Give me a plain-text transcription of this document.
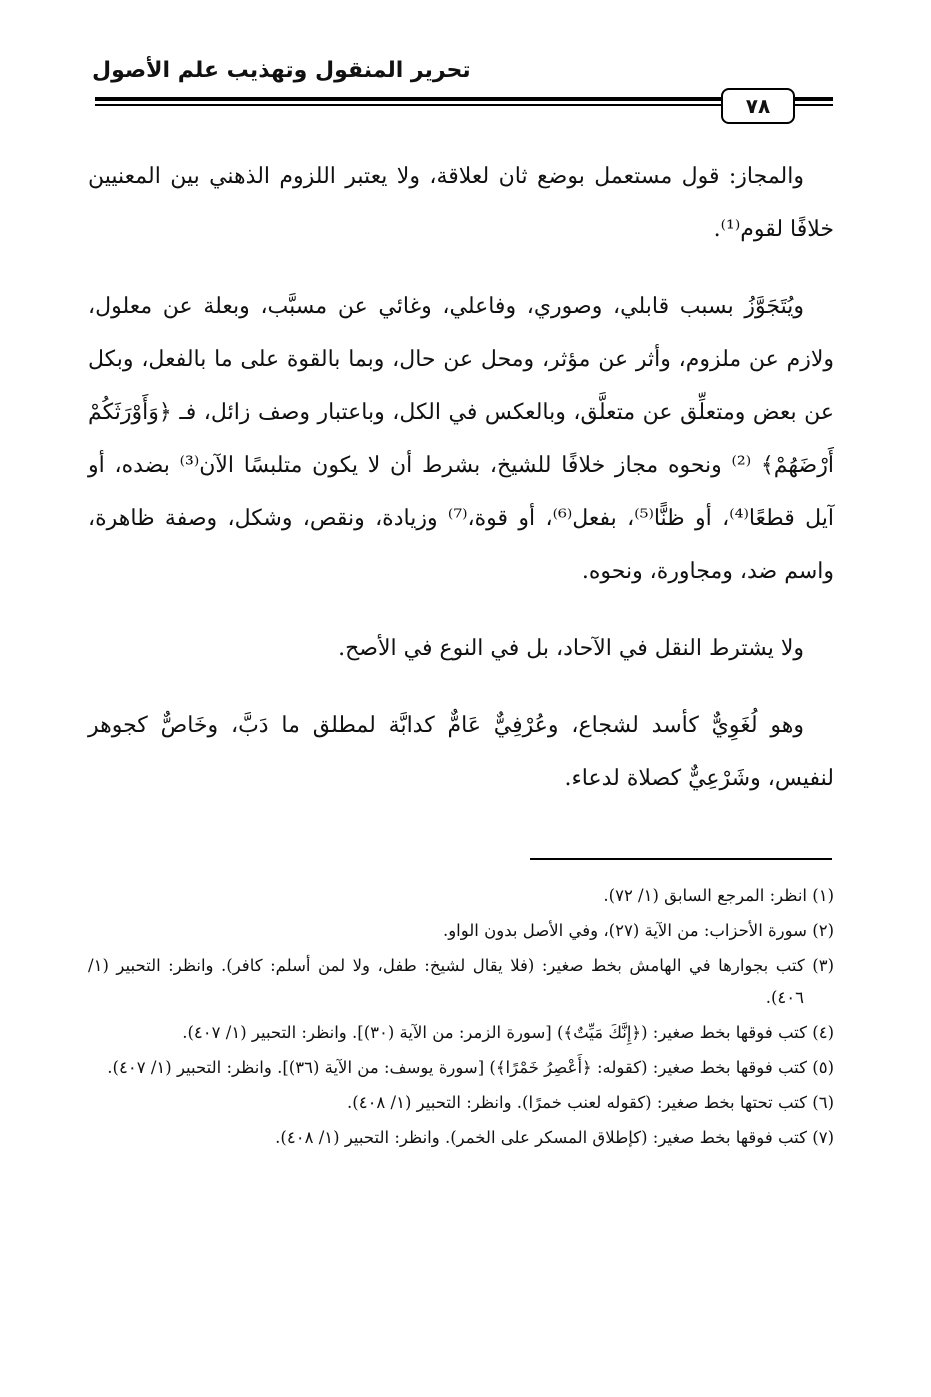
تحرير المنقول وتهذيب علم الأصول
٧٨

والمجاز: قول مستعمل بوضع ثان لعلاقة، ولا يعتبر اللزوم الذهني بين المعنيين خلافًا لقوم⁽¹⁾.

ويُتَجَوَّزُ بسبب قابلي، وصوري، وفاعلي، وغائي عن مسبَّب، وبعلة عن معلول، ولازم عن ملزوم، وأثر عن مؤثر، ومحل عن حال، وبما بالقوة على ما بالفعل، وبكل عن بعض ومتعلِّق عن متعلَّق، وبالعكس في الكل، وباعتبار وصف زائل، فـ ﴿وَأَوْرَثَكُمْ أَرْضَهُمْ﴾ ⁽²⁾ ونحوه مجاز خلافًا للشيخ، بشرط أن لا يكون متلبسًا الآن⁽³⁾ بضده، أو آيل قطعًا⁽⁴⁾، أو ظنًّا⁽⁵⁾، بفعل⁽⁶⁾، أو قوة،⁽⁷⁾ وزيادة، ونقص، وشكل، وصفة ظاهرة، واسم ضد، ومجاورة، ونحوه.

ولا يشترط النقل في الآحاد، بل في النوع في الأصح.

وهو لُغَوِيٌّ كأسد لشجاع، وعُرْفِيٌّ عَامٌّ كدابَّة لمطلق ما دَبَّ، وخَاصٌّ كجوهر لنفيس، وشَرْعِيٌّ كصلاة لدعاء.

(١) انظر: المرجع السابق (١/ ٧٢).
(٢) سورة الأحزاب: من الآية (٢٧)، وفي الأصل بدون الواو.
(٣) كتب بجوارها في الهامش بخط صغير: (فلا يقال لشيخ: طفل، ولا لمن أسلم: كافر). وانظر: التحبير (١/ ٤٠٦).
(٤) كتب فوقها بخط صغير: (﴿إِنَّكَ مَيِّتٌ﴾) [سورة الزمر: من الآية (٣٠)]. وانظر: التحبير (١/ ٤٠٧).
(٥) كتب فوقها بخط صغير: (كقوله: ﴿أَعْصِرُ خَمْرًا﴾) [سورة يوسف: من الآية (٣٦)]. وانظر: التحبير (١/ ٤٠٧).
(٦) كتب تحتها بخط صغير: (كقوله لعنب خمرًا). وانظر: التحبير (١/ ٤٠٨).
(٧) كتب فوقها بخط صغير: (كإطلاق المسكر على الخمر). وانظر: التحبير (١/ ٤٠٨).
